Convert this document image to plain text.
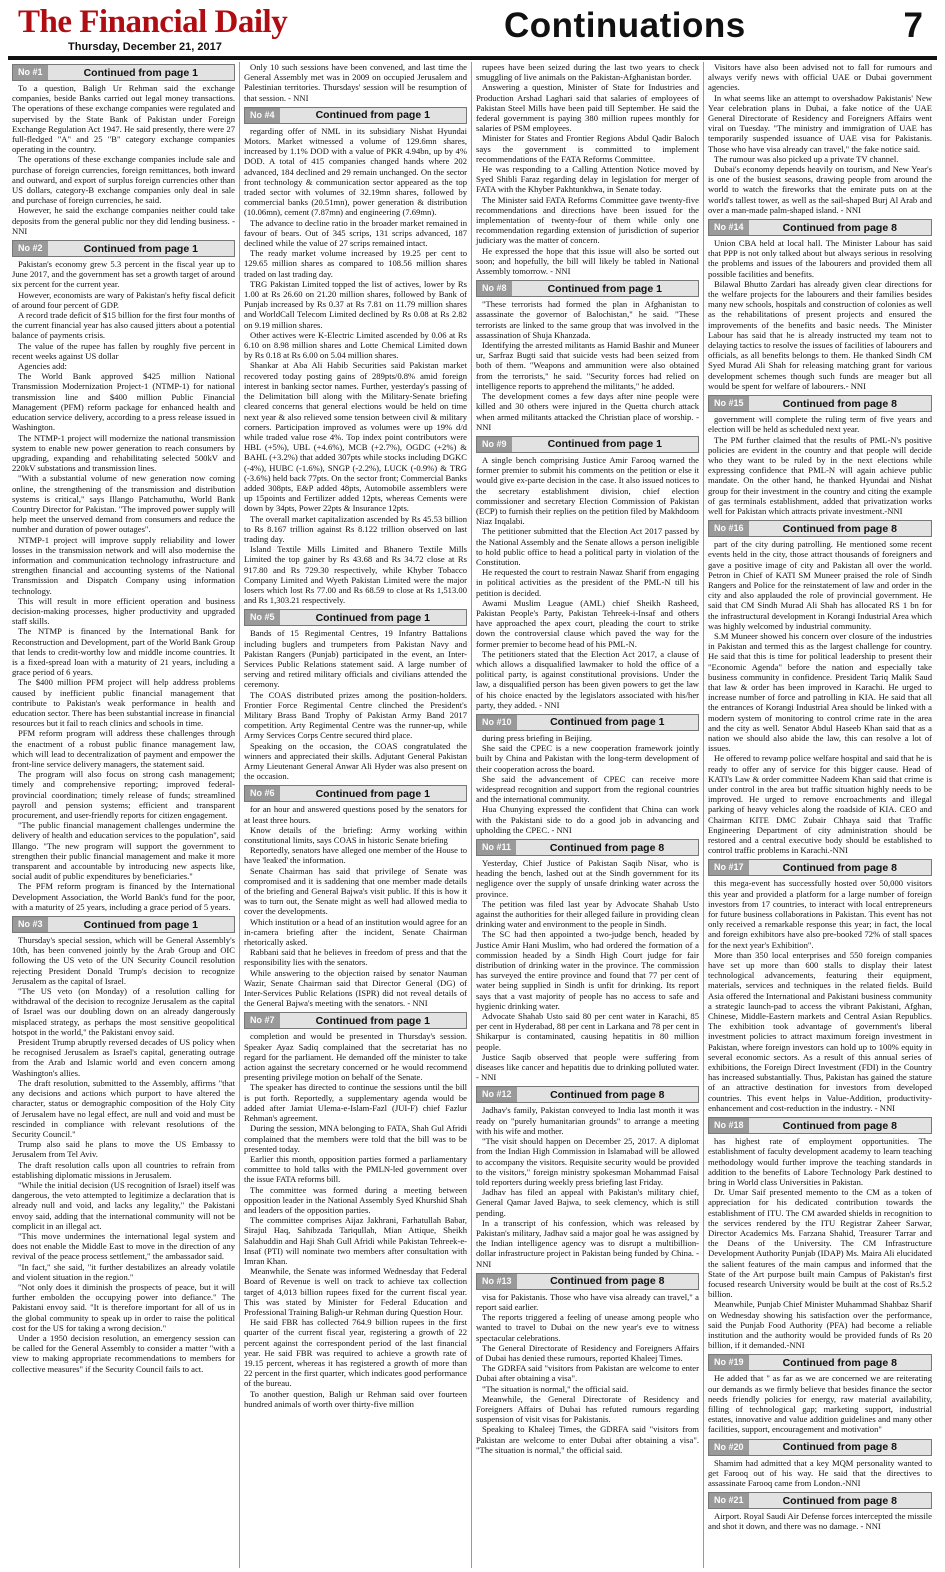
The Financial Daily
Thursday, December 21, 2017
Continuations	7
No #1	Continued from page 1

To a question, Baligh Ur Rehman said the exchange companies, beside Banks carried out legal money transactions. The operations of these exchange companies were regulated and supervised by the State Bank of Pakistan under Foreign Exchange Regulation Act 1947. He said presently, there were 27 full-fledged "A" and 25 "B" category exchange companies operating in the country.

The operations of these exchange companies include sale and purchase of foreign currencies, foreign remittances, both inward and outward, and export of surplus foreign currencies other than US dollars, category-B exchange companies only deal in sale and purchase of foreign currencies, he said.

However, he said the exchange companies neither could take deposits from the general public nor they did lending business. - NNI

No #2	Continued from page 1

Pakistan's economy grew 5.3 percent in the fiscal year up to June 2017, and the government has set a growth target of around six percent for the current year.

However, economists are wary of Pakistan's hefty fiscal deficit of around four percent of GDP.

A record trade deficit of $15 billion for the first four months of the current financial year has also caused jitters about a potential balance of payments crisis.

The value of the rupee has fallen by roughly five percent in recent weeks against US dollar

Agencies add:

The World Bank approved $425 million National Transmission Modernization Project-1 (NTMP-1) for national transmission line and $400 million Public Financial Management (PFM) reform package for enhanced health and education service delivery, according to a press release issued in Washington.

The NTMP-1 project will modernize the national transmission system to enable new power generation to reach consumers by upgrading, expanding and rehabilitating selected 500kV and 220kV substations and transmission lines.

"With a substantial volume of new generation now coming online, the strengthening of the transmission and distribution systems is critical," says Illango Patchamuthu, World Bank Country Director for Pakistan. "The improved power supply will help meet the unserved demand from consumers and reduce the number and duration of power outages".

NTMP-1 project will improve supply reliability and lower losses in the transmission network and will also modernise the information and communication technology infrastructure and strengthen financial and accounting systems of the National Transmission and Dispatch Company using information technology.

This will result in more efficient operation and business decision-making processes, higher productivity and upgraded staff skills.

The NTMP is financed by the International Bank for Reconstruction and Development, part of the World Bank Group that lends to credit-worthy low and middle income countries. It is a fixed-spread loan with a maturity of 21 years, including a grace period of 6 years.

The $400 million PFM project will help address problems caused by inefficient public financial management that contribute to Pakistan's weak performance in health and education sector. There has been substantial increase in financial resources but it fail to reach clinics and schools in time.

PFM reform program will address these challenges through the enactment of a robust public finance management law, which will lead to decentralization of payment and empower the front-line service delivery managers, the statement said.

The program will also focus on strong cash management; timely and comprehensive reporting; improved federal-provincial coordination; timely release of funds; streamlined payroll and pension systems; efficient and transparent procurement, and user-friendly reports for citizen engagement.

"The public financial management challenges undermine the delivery of health and education services to the population", said Illango. "The new program will support the government to strengthen their public financial management and make it more transparent and accountable by introducing new aspects like, social audit of public expenditures by beneficiaries."

The PFM reform program is financed by the International Development Association, the World Bank's fund for the poor, with a maturity of 25 years, including a grace period of 5 years.

No #3	Continued from page 1

Thursday's special session, which will be General Assembly's 10th, has been convened jointly by the Arab Group and OIC following the US veto of the UN Security Council resolution rejecting President Donald Trump's decision to recognize Jerusalem as the capital of Israel.

"The US veto (on Monday) of a resolution calling for withdrawal of the decision to recognize Jerusalem as the capital of Israel was our doubling down on an already dangerously misplaced strategy, as perhaps the most sensitive geopolitical hotspot in the world," the Pakistani envoy said.

President Trump abruptly reversed decades of US policy when he recognised Jerusalem as Israel's capital, generating outrage from the Arab and Islamic world and even concern among Washington's allies.

The draft resolution, submitted to the Assembly, affirms "that any decisions and actions which purport to have altered the character, status or demographic composition of the Holy City of Jerusalem have no legal effect, are null and void and must be rescinded in compliance with relevant resolutions of the Security Council."

Trump also said he plans to move the US Embassy to Jerusalem from Tel Aviv.

The draft resolution calls upon all countries to refrain from establishing diplomatic missions in Jerusalem.

"While the initial decision (US recognition of Israel) itself was dangerous, the veto attempted to legitimize a declaration that is already null and void, and lacks any legality," the Pakistani envoy said, adding that the international community will not be complicit in an illegal act.

"This move undermines the international legal system and does not enable the Middle East to move in the direction of any revival of the peace process settlement," the ambassador said.

"In fact," she said, "it further destabilizes an already volatile and violent situation in the region."

"Not only does it diminish the prospects of peace, but it will further embolden the occupying power into defiance." The Pakistani envoy said. "It is therefore important for all of us in the global community to speak up in order to raise the political cost for the US for taking a wrong decision."

Under a 1950 decision resolution, an emergency session can be called for the General Assembly to consider a matter "with a view to making appropriate recommendations to members for collective measures" if the Security Council fails to act.

Only 10 such sessions have been convened, and last time the General Assembly met was in 2009 on occupied Jerusalem and Palestinian territories. Thursdays' session will be resumption of that session. - NNI

No #4	Continued from page 1

regarding offer of NML in its subsidiary Nishat Hyundai Motors. Market witnessed a volume of 129.6mn shares, increased by 1.1% DOD with a value of PKR 4.94bn, up by 4% DOD. A total of 415 companies changed hands where 202 advanced, 184 declined and 29 remain unchanged. On the sector front technology & communication sector appeared as the top traded sector with volumes of 32.19mn shares, followed by commercial banks (20.51mn), power generation & distribution (10.06mn), cement (7.87mn) and engineering (7.69mn).

The advance to decline ratio in the broader market remained in favour of bears. Out of 345 scrips, 131 scrips advanced, 187 declined while the value of 27 scrips remained intact.

The ready market volume increased by 19.25 per cent to 129.65 million shares as compared to 108.56 million shares traded on last trading day.

TRG Pakistan Limited topped the list of actives, lower by Rs 1.00 at Rs 26.60 on 21.20 million shares, followed by Bank of Punjab increased by Rs 0.37 at Rs 7.81 on 11.79 million shares and WorldCall Telecom Limited declined by Rs 0.08 at Rs 2.82 on 9.19 million shares.

Other actives were K-Electric Limited ascended by 0.06 at Rs 6.10 on 8.98 million shares and Lotte Chemical Limited down by Rs 0.18 at Rs 6.00 on 5.04 million shares.

Shankar at Aba Ali Habib Securities said Pakistan market recovered today posting gains of 289pts/0.8% amid foreign interest in banking sector names. Further, yesterday's passing of the Delimitation bill along with the Military-Senate briefing cleared concerns that general elections would be held on time next year & also relieved some tension between civil & military corners. Participation improved as volumes were up 19% d/d while traded value rose 4%. Top index point contributors were HBL (+5%), UBL (+4.6%), MCB (+2.7%), OGDC (+2%) & BAHL (+3.2%) that added 307pts while stocks including DGKC (-4%), HUBC (-1.6%), SNGP (-2.2%), LUCK (-0.9%) & TRG (-3.6%) held back 77pts. On the sector front; Commercial Banks added 308pts, E&P added 48pts, Automobile assemblers were up 15points and Fertilizer added 12pts, whereas Cements were down by 34pts, Power 22pts & Insurance 12pts.

The overall market capitalization ascended by Rs 45.53 billion to Rs 8.167 trillion against Rs 8.122 trillion observed on last trading day.

Island Textile Mills Limited and Bhanero Textile Mills Limited the top gainer by Rs 43.68 and Rs 34.72 close at Rs 917.80 and Rs 729.30 respectively, while Khyber Tobacco Company Limited and Wyeth Pakistan Limited were the major losers which lost Rs 77.00 and Rs 68.59 to close at Rs 1,513.00 and Rs 1,303.21 respectively.

No #5	Continued from page 1

Bands of 15 Regimental Centres, 19 Infantry Battalions including buglers and trumpeters from Pakistan Navy and Pakistan Rangers (Punjab) participated in the event, an Inter-Services Public Relations statement said. A large number of serving and retired military officials and civilians attended the ceremony.

The COAS distributed prizes among the position-holders. Frontier Force Regimental Centre clinched the President's Military Brass Band Trophy of Pakistan Army Band 2017 competition. Arty Regimental Centre was the runner-up, while Army Services Corps Centre secured third place.

Speaking on the occasion, the COAS congratulated the winners and appreciated their skills. Adjutant General Pakistan Army Lieutenant General Anwar Ali Hyder was also present on the occasion.

No #6	Continued from page 1

for an hour and answered questions posed by the senators for at least three hours.

Know details of the briefing: Army working within constitutional limits, says COAS in historic Senate briefing

Reportedly, senators have alleged one member of the House to have 'leaked' the information.

Senate Chairman has said that privilege of Senate was compromised and it is saddening that one member made details of the briefing and General Bajwa's visit public. If this is how it was to turn out, the Senate might as well had allowed media to cover the developments.

Which institution or a head of an institution would agree for an in-camera briefing after the incident, Senate Chairman rhetorically asked.

Rabbani said that he believes in freedom of press and that the responsibility lies with the senators.

While answering to the objection raised by senator Nauman Wazir, Senate Chairman said that Director General (DG) of Inter-Services Public Relations (ISPR) did not reveal details of the General Bajwa's meeting with the senators. - NNI

No #7	Continued from page 1

completion and would be presented in Thursday's session. Speaker Ayaz Sadiq complained that the secretariat has no regard for the parliament. He demanded off the minister to take action against the secretary concerned or he would recommend presenting privilege motion on behalf of the Senate.

The speaker has directed to continue the sessions until the bill is put forth. Reportedly, a supplementary agenda would be added after Jamiat Ulema-e-Islam-Fazl (JUI-F) chief Fazlur Rehman's agreement.

During the session, MNA belonging to FATA, Shah Gul Afridi complained that the members were told that the bill was to be presented today.

Earlier this month, opposition parties formed a parliamentary committee to hold talks with the PMLN-led government over the issue FATA reforms bill.

The committee was formed during a meeting between opposition leader in the National Assembly Syed Khurshid Shah and leaders of the opposition parties.

The committee comprises Aijaz Jakhrani, Farhatullah Babar, Sirajul Haq, Sahibzada Tariqullah, Mian Attique, Sheikh Salahuddin and Haji Shah Gull Afridi while Pakistan Tehreek-e-Insaf (PTI) will nominate two members after consultation with Imran Khan.

Meanwhile, the Senate was informed Wednesday that Federal Board of Revenue is well on track to achieve tax collection target of 4,013 billion rupees fixed for the current fiscal year. This was stated by Minister for Federal Education and Professional Training Baligh-ur Rehman during Question Hour.

He said FBR has collected 764.9 billion rupees in the first quarter of the current fiscal year, registering a growth of 22 percent against the correspondent period of the last financial year. He said FBR was required to achieve a growth rate of 19.15 percent, whereas it has registered a growth of more than 22 percent in the first quarter, which indicates good performance of the bureau.

To another question, Baligh ur Rehman said over fourteen hundred animals of worth over thirty-five million

rupees have been seized during the last two years to check smuggling of live animals on the Pakistan-Afghanistan border.

Answering a question, Minister of State for Industries and Production Arshad Laghari said that salaries of employees of Pakistan Steel Mills have been paid till September. He said the federal government is paying 380 million rupees monthly for salaries of PSM employees.

Minister for States and Frontier Regions Abdul Qadir Baloch says the government is committed to implement recommendations of the FATA Reforms Committee.

He was responding to a Calling Attention Notice moved by Syed Shibli Faraz regarding delay in legislation for merger of FATA with the Khyber Pakhtunkhwa, in Senate today.

The Minister said FATA Reforms Committee gave twenty-five recommendations and directions have been issued for the implementation of twenty-four of them while only one recommendation regarding extension of jurisdiction of superior judiciary was the matter of concern.

He expressed the hope that this issue will also be sorted out soon; and hopefully, the bill will likely be tabled in National Assembly tomorrow. - NNI

No #8	Continued from page 1

"These terrorists had formed the plan in Afghanistan to assassinate the governor of Balochistan," he said. "These terrorists are linked to the same group that was involved in the assassination of Shuja Khanzada.

Identifying the arrested militants as Hamid Bashir and Muneer ur, Sarfraz Bugti said that suicide vests had been seized from both of them. "Weapons and ammunition were also obtained from the terrorists," he said. "Security forces had relied on intelligence reports to apprehend the militants," he added.

The development comes a few days after nine people were killed and 30 others were injured in the Quetta church attack when armed militants attacked the Christian place of worship. - NNI

No #9	Continued from page 1

A single bench comprising Justice Amir Farooq warned the former premier to submit his comments on the petition or else it would give ex-parte decision in the case. It also issued notices to the secretary establishment division, chief election commissioner and secretary Election Commission of Pakistan (ECP) to furnish their replies on the petition filed by Makhdoom Niaz Inqalabi.

The petitioner submitted that the Election Act 2017 passed by the National Assembly and the Senate allows a person ineligible to hold public office to head a political party in violation of the Constitution.

He requested the court to restrain Nawaz Sharif from engaging in political activities as the president of the PML-N till his petition is decided.

Awami Muslim League (AML) chief Sheikh Rasheed, Pakistan People's Party, Pakistan Tehreek-i-Insaf and others have approached the apex court, pleading the court to strike down the controversial clause which paved the way for the former premier to become head of his PML-N.

The petitioners stated that the Election Act 2017, a clause of which allows a disqualified lawmaker to hold the office of a political party, is against constitutional provisions. Under the law, a disqualified person has been given powers to get the law of his choice enacted by the legislators associated with his/her party, they added. - NNI

No #10	Continued from page 1

during press briefing in Beijing.

She said the CPEC is a new cooperation framework jointly built by China and Pakistan with the long-term development of their cooperation across the board.

She said the advancement of CPEC can receive more widespread recognition and support from the regional countries and the international community.

Hua Chunying expressed the confident that China can work with the Pakistani side to do a good job in advancing and upholding the CPEC. - NNI

No #11	Continued from page 8

Yesterday, Chief Justice of Pakistan Saqib Nisar, who is heading the bench, lashed out at the Sindh government for its negligence over the supply of unsafe drinking water across the province.

The petition was filed last year by Advocate Shahab Usto against the authorities for their alleged failure in providing clean drinking water and environment to the people in Sindh.

The SC had then appointed a two-judge bench, headed by Justice Amir Hani Muslim, who had ordered the formation of a commission headed by a Sindh High Court judge for fair distribution of drinking water in the province. The commission has surveyed the entire province and found that 77 per cent of water being supplied in Sindh is unfit for drinking. Its report says that a vast majority of people has no access to safe and hygienic drinking water.

Advocate Shahab Usto said 80 per cent water in Karachi, 85 per cent in Hyderabad, 88 per cent in Larkana and 78 per cent in Shikarpur is contaminated, causing hepatitis in 80 million people.

Justice Saqib observed that people were suffering from diseases like cancer and hepatitis due to drinking polluted water. - NNI

No #12	Continued from page 8

Jadhav's family, Pakistan conveyed to India last month it was ready on "purely humanitarian grounds" to arrange a meeting with his wife and mother.

"The visit should happen on December 25, 2017. A diplomat from the Indian High Commission in Islamabad will be allowed to accompany the visitors. Requisite security would be provided to the visitors," foreign ministry spokesman Mohammad Faisal told reporters during weekly press briefing last Friday.

Jadhav has filed an appeal with Pakistan's military chief, General Qamar Javed Bajwa, to seek clemency, which is still pending.

In a transcript of his confession, which was released by Pakistan's military, Jadhav said a major goal he was assigned by the Indian intelligence agency was to disrupt a multibillion-dollar infrastructure project in Pakistan being funded by China. - NNI

No #13	Continued from page 8

visa for Pakistanis. Those who have visa already can travel," a report said earlier.

The reports triggered a feeling of unease among people who wanted to travel to Dubai on the new year's eve to witness spectacular celebrations.

The General Directorate of Residency and Foreigners Affairs of Dubai has denied these rumours, reported Khaleej Times.

The GDRFA said "visitors from Pakistan are welcome to enter Dubai after obtaining a visa".

"The situation is normal," the official said.

Meanwhile, the General Directorate of Residency and Foreigners Affairs of Dubai has refuted rumours regarding suspension of visit visas for Pakistanis.

Speaking to Khaleej Times, the GDRFA said "visitors from Pakistan are welcome to enter Dubai after obtaining a visa". "The situation is normal," the official said.

Visitors have also been advised not to fall for rumours and always verify news with official UAE or Dubai government agencies.

In what seems like an attempt to overshadow Pakistanis' New Year celebration plans in Dubai, a fake notice of the UAE General Directorate of Residency and Foreigners Affairs went viral on Tuesday. "The ministry and immigration of UAE has temporarily suspended issuance of UAE visa for Pakistanis. Those who have visa already can travel," the fake notice said.

The rumour was also picked up a private TV channel.

Dubai's economy depends heavily on tourism, and New Year's is one of the busiest seasons, drawing people from around the world to watch the fireworks that the emirate puts on at the world's tallest tower, as well as the sail-shaped Burj Al Arab and over a man-made palm-shaped island. - NNI

No #14	Continued from page 8

Union CBA held at local hall. The Minister Labour has said that PPP is not only talked about but always serious in resolving the problems and issues of the labourers and provided them all possible facilities and benefits.

Bilawal Bhutto Zardari has already given clear directions for the welfare projects for the labourers and their families besides many new schools, hospitals and construction of colonies as well as the rehabilitations of present projects and ensured the improvements of the benefits and basic needs. The Minister Labour has said that he is already instructed my team not to delaying tactics to resolve the issues of facilities of labourers and officials, as all benefits belongs to them. He thanked Sindh CM Syed Murad Ali Shah for releasing matching grant for various development schemes though such funds are meager but all would be spent for welfare of labourers.- NNI

No #15	Continued from page 8

government will complete the ruling term of five years and election will be held as scheduled next year.

The PM further claimed that the results of PML-N's positive policies are evident in the country and that people will decide who they want to be ruled by in the next elections while expressing confidence that PML-N will again achieve public mandate. On the other hand, he thanked Hyundai and Nishat group for their investment in the country and citing the example of gas terminals establishment, added that privatization works well for Pakistan which attracts private investment.-NNI

No #16	Continued from page 8

part of the city during patrolling. He mentioned some recent events held in the city, those attract thousands of foreigners and gave a positive image of city and Pakistan all over the world. Petron in Chief of KATI SM Muneer praised the role of Sindh Rangers and Police for the reinstatement of law and order in the city and also applauded the role of provincial government. He said that CM Sindh Murad Ali Shah has allocated RS 1 bn for the infrastructural development in Korangi Industrial Area which was highly welcomed by industrial community.

S.M Muneer showed his concern over closure of the industries in Pakistan and termed this as the largest challenge for country. He said that this is time for political leadership to present their "Economic Agenda" before the nation and especially take business community in confidence. President Tariq Malik Saud that law & order has been improved in Karachi. He urged to increase number of force and patrolling in KIA. He said that all the entrances of Korangi Industrial Area should be linked with a modern system of monitoring to control crime rate in the area and the city as well. Senator Abdul Haseeb Khan said that as a nation we should also abide the law, this can resolve a lot of issues.

He offered to revamp police welfare hospital and said that he is ready to offer any of service for this bigger cause. Head of KATI's Law & order committee Nadeem Khan said that crime is under control in the area but traffic situation highly needs to be improved. He urged to remove encroachments and illegal parking of heavy vehicles along the roadside of KIA. CEO and Chairman KITE DMC Zubair Chhaya said that Traffic Engineering Department of city administration should be restored and a central executive body should be established to control traffic problems in Karachi.-NNI

No #17	Continued from page 8

this mega-event has successfully hosted over 50,000 visitors this year and provided a platform for a large number of foreign investors from 17 countries, to interact with local entrepreneurs for future business collaborations in Pakistan. This event has not only received a remarkable response this year; in fact, the local and foreign exhibitors have also pre-booked 72% of stall spaces for the next year's Exhibition".

More than 350 local enterprises and 550 foreign companies have set up more than 600 stalls to display their latest technological advancements, featuring their equipment, materials, services and techniques in the related fields. Build Asia offered the International and Pakistani business community a strategic launch-pad to access the vibrant Pakistani, Afghan, Chinese, Middle-Eastern markets and Central Asian Republics. The exhibition took advantage of government's liberal investment policies to attract maximum foreign investment in Pakistan, where foreign investors can hold up to 100% equity in several economic sectors. As a result of this annual series of exhibitions, the Foreign Direct Investment (FDI) in the Country has increased substantially. Thus, Pakistan has gained the stature of an attractive destination for investors from developed countries. This event helps in Value-Addition, productivity-enhancement and cost-reduction in the industry. - NNI

No #18	Continued from page 8

has highest rate of employment opportunities. The establishment of faculty development academy to learn teaching methodology would further improve the teaching standards in addition to the benefits of Labore Technology Park destined to bring in World class Universities in Pakistan.

Dr. Umar Saif presented memento to the CM as a token of appreciation for his dedicated contribution towards the establishment of ITU. The CM awarded shields in recognition to the services rendered by the ITU Registrar Zaheer Sarwar, Director Academics Ms. Farzana Shahid, Treasurer Tarrar and the Deans of the University. The CM Infrastructure Development Authority Punjab (IDAP) Ms. Maira Ali elucidated the salient features of the main campus and informed that the State of the Art purpose built main Campus of Pakistan's first focused research University would be built at the cost of Rs.5.2 billion.

Meanwhile, Punjab Chief Minister Muhammad Shahbaz Sharif on Wednesday showing his satisfaction over the performance, said the Punjab Food Authority (PFA) had become a reliable institution and the authority would be provided funds of Rs 20 billion, if it demanded.-NNI

No #19	Continued from page 8

He added that " as far as we are concerned we are reiterating our demands as we firmly believe that besides finance the sector needs friendly policies for energy, raw material availability, filling of technological gap; marketing support, industrial estates, innovative and value addition guidelines and many other facilities, support, encouragement and motivation"

No #20	Continued from page 8

Shamim had admitted that a key MQM personality wanted to get Farooq out of his way. He said that the directives to assassinate Farooq came from London.-NNI

No #21	Continued from page 8

Airport. Royal Saudi Air Defense forces intercepted the missile and shot it down, and there was no damage. - NNI
